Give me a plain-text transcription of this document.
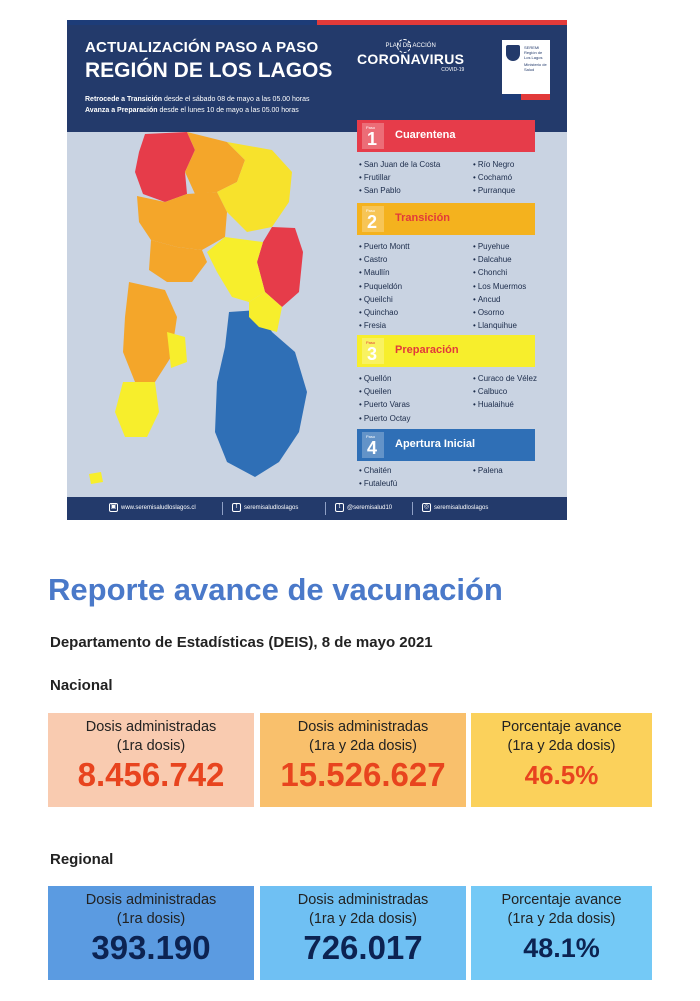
ACTUALIZACIÓN PASO A PASO
REGIÓN DE LOS LAGOS
Retrocede a Transición desde el sábado 08 de mayo a las 05.00 horas
Avanza a Preparación desde el lunes 10 de mayo a las 05.00 horas
PLAN DE ACCIÓN
CORONAVIRUS
COVID-19
SEREMI Región de Los Lagos
Ministerio de Salud
Paso
1 Cuarentena
• San Juan de la Costa
• Frutillar
• San Pablo
• Río Negro
• Cochamó
• Purranque
Paso
2 Transición
• Puerto Montt
• Castro
• Maullín
• Puqueldón
• Queilchi
• Quinchao
• Fresia
• Puyehue
• Dalcahue
• Chonchi
• Los Muermos
• Ancud
• Osorno
• Llanquihue
Paso
3 Preparación
• Quellón
• Queilen
• Puerto Varas
• Puerto Octay
• Curaco de Vélez
• Calbuco
• Hualaihué
Paso
4 Apertura Inicial
• Chaitén
• Futaleufú
• Palena
▣ www.seremisaludloslagos.cl	f	seremisaludloslagos	t	@seremisalud10	◎ seremisaludloslagos
Reporte avance de vacunación
Departamento de Estadísticas (DEIS), 8 de mayo 2021
Nacional
Dosis administradas
(1ra dosis)
8.456.742
Dosis administradas
(1ra y 2da dosis)
15.526.627
Porcentaje avance
(1ra y 2da dosis)
46.5%
Regional
Dosis administradas
(1ra dosis)
393.190
Dosis administradas
(1ra y 2da dosis)
726.017
Porcentaje avance
(1ra y 2da dosis)
48.1%
